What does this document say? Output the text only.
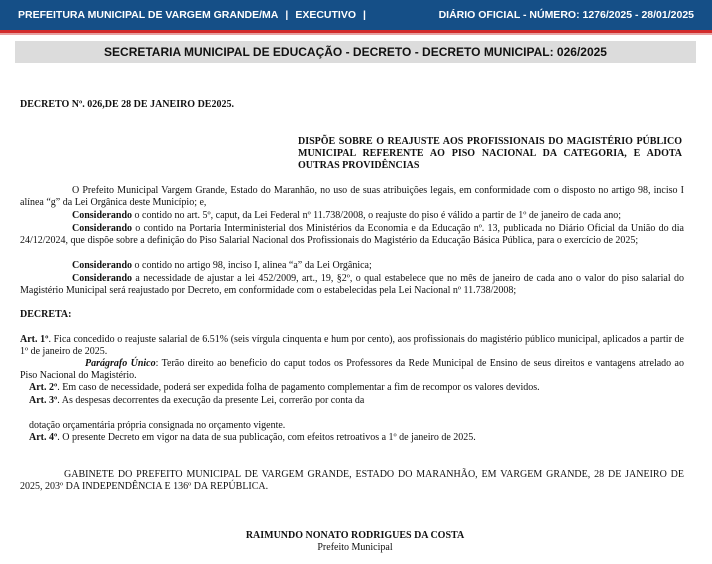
PREFEITURA MUNICIPAL DE VARGEM GRANDE/MA | EXECUTIVO |	DIÁRIO OFICIAL - NÚMERO: 1276/2025 - 28/01/2025
SECRETARIA MUNICIPAL DE EDUCAÇÃO - DECRETO - DECRETO MUNICIPAL: 026/2025
DECRETO Nº. 026,DE 28 DE JANEIRO DE2025.
DISPÕE SOBRE O REAJUSTE AOS PROFISSIONAIS DO MAGISTÉRIO PÚBLICO MUNICIPAL REFERENTE AO PISO NACIONAL DA CATEGORIA, E ADOTA OUTRAS PROVIDÊNCIAS
O Prefeito Municipal Vargem Grande, Estado do Maranhão, no uso de suas atribuições legais, em conformidade com o disposto no artigo 98, inciso I alínea “g” da Lei Orgânica deste Município; e,
Considerando o contido no art. 5º, caput, da Lei Federal nº 11.738/2008, o reajuste do piso é válido a partir de 1º de janeiro de cada ano;
Considerando o contido na Portaria Interministerial dos Ministérios da Economia e da Educação nº. 13, publicada no Diário Oficial da União do dia 24/12/2024, que dispõe sobre a definição do Piso Salarial Nacional dos Profissionais do Magistério da Educação Básica Pública, para o exercício de 2025;
Considerando o contido no artigo 98, inciso I, alinea “a” da Lei Orgânica;
Considerando a necessidade de ajustar a lei 452/2009, art., 19, §2º, o qual estabelece que no mês de janeiro de cada ano o valor do piso salarial do Magistério Municipal será reajustado por Decreto, em conformidade com o estabelecidas pela Lei Nacional nº 11.738/2008;
DECRETA:
Art. 1º. Fica concedido o reajuste salarial de 6.51% (seis vírgula cinquenta e hum por cento), aos profissionais do magistério público municipal, aplicados a partir de 1º de janeiro de 2025.
Parágrafo Único: Terão direito ao beneficio do caput todos os Professores da Rede Municipal de Ensino de seus direitos e vantagens atrelado ao Piso Nacional do Magistério.
Art. 2º. Em caso de necessidade, poderá ser expedida folha de pagamento complementar a fim de recompor os valores devidos.
Art. 3º. As despesas decorrentes da execução da presente Lei, correrão por conta da
dotação orçamentária própria consignada no orçamento vigente.
Art. 4º. O presente Decreto em vigor na data de sua publicação, com efeitos retroativos a 1º de janeiro de 2025.
GABINETE DO PREFEITO MUNICIPAL DE VARGEM GRANDE, ESTADO DO MARANHÃO, EM VARGEM GRANDE, 28 DE JANEIRO DE 2025, 203º DA INDEPENDÊNCIA E 136º DA REPÚBLICA.
RAIMUNDO NONATO RODRIGUES DA COSTA
Prefeito Municipal
